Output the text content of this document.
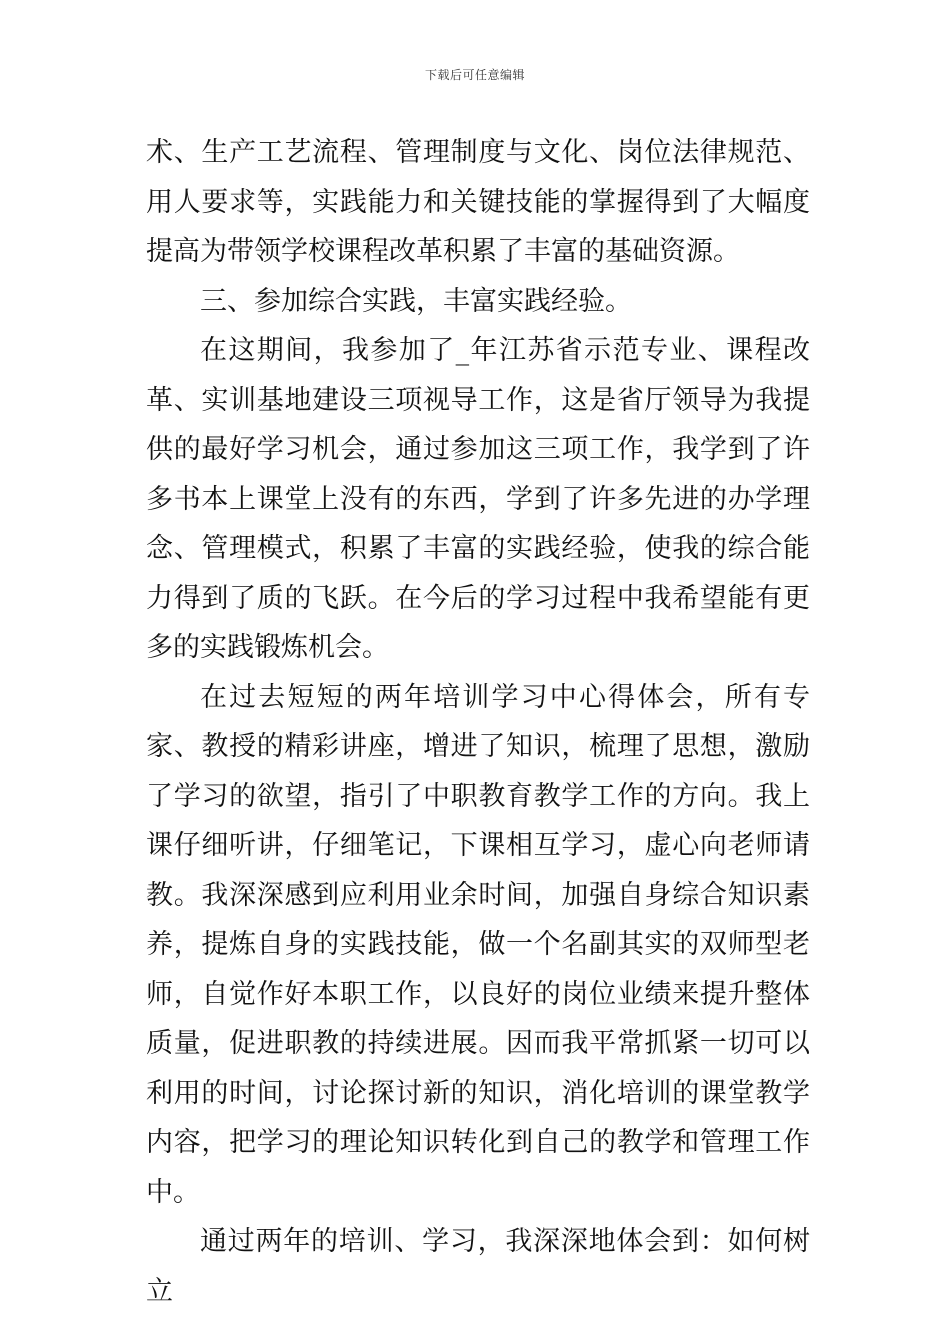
下载后可任意编辑

术、生产工艺流程、管理制度与文化、岗位法律规范、用人要求等，实践能力和关键技能的掌握得到了大幅度提高为带领学校课程改革积累了丰富的基础资源。

三、参加综合实践，丰富实践经验。

在这期间，我参加了_年江苏省示范专业、课程改革、实训基地建设三项视导工作，这是省厅领导为我提供的最好学习机会，通过参加这三项工作，我学到了许多书本上课堂上没有的东西，学到了许多先进的办学理念、管理模式，积累了丰富的实践经验，使我的综合能力得到了质的飞跃。在今后的学习过程中我希望能有更多的实践锻炼机会。

在过去短短的两年培训学习中心得体会，所有专家、教授的精彩讲座，增进了知识，梳理了思想，激励了学习的欲望，指引了中职教育教学工作的方向。我上课仔细听讲，仔细笔记，下课相互学习，虚心向老师请教。我深深感到应利用业余时间，加强自身综合知识素养，提炼自身的实践技能，做一个名副其实的双师型老师，自觉作好本职工作，以良好的岗位业绩来提升整体质量，促进职教的持续进展。因而我平常抓紧一切可以利用的时间，讨论探讨新的知识，消化培训的课堂教学内容，把学习的理论知识转化到自己的教学和管理工作中。

通过两年的培训、学习，我深深地体会到：如何树立
